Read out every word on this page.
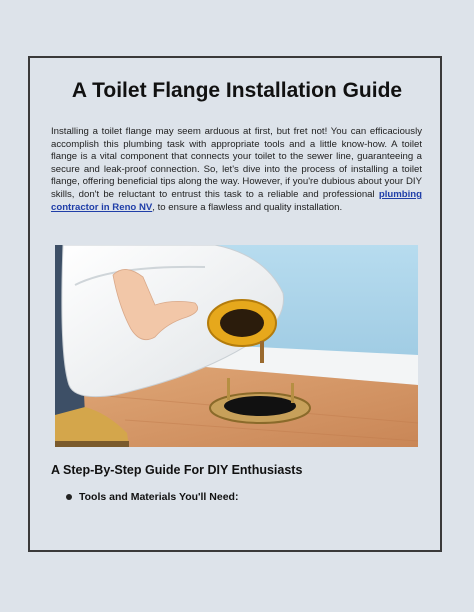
A Toilet Flange Installation Guide

Installing a toilet flange may seem arduous at first, but fret not! You can efficaciously accomplish this plumbing task with appropriate tools and a little know-how. A toilet flange is a vital component that connects your toilet to the sewer line, guaranteeing a secure and leak-proof connection. So, let's dive into the process of installing a toilet flange, offering beneficial tips along the way. However, if you're dubious about your DIY skills, don't be reluctant to entrust this task to a reliable and professional plumbing contractor in Reno NV, to ensure a flawless and quality installation.

A Step-By-Step Guide For DIY Enthusiasts
Tools and Materials You'll Need:
